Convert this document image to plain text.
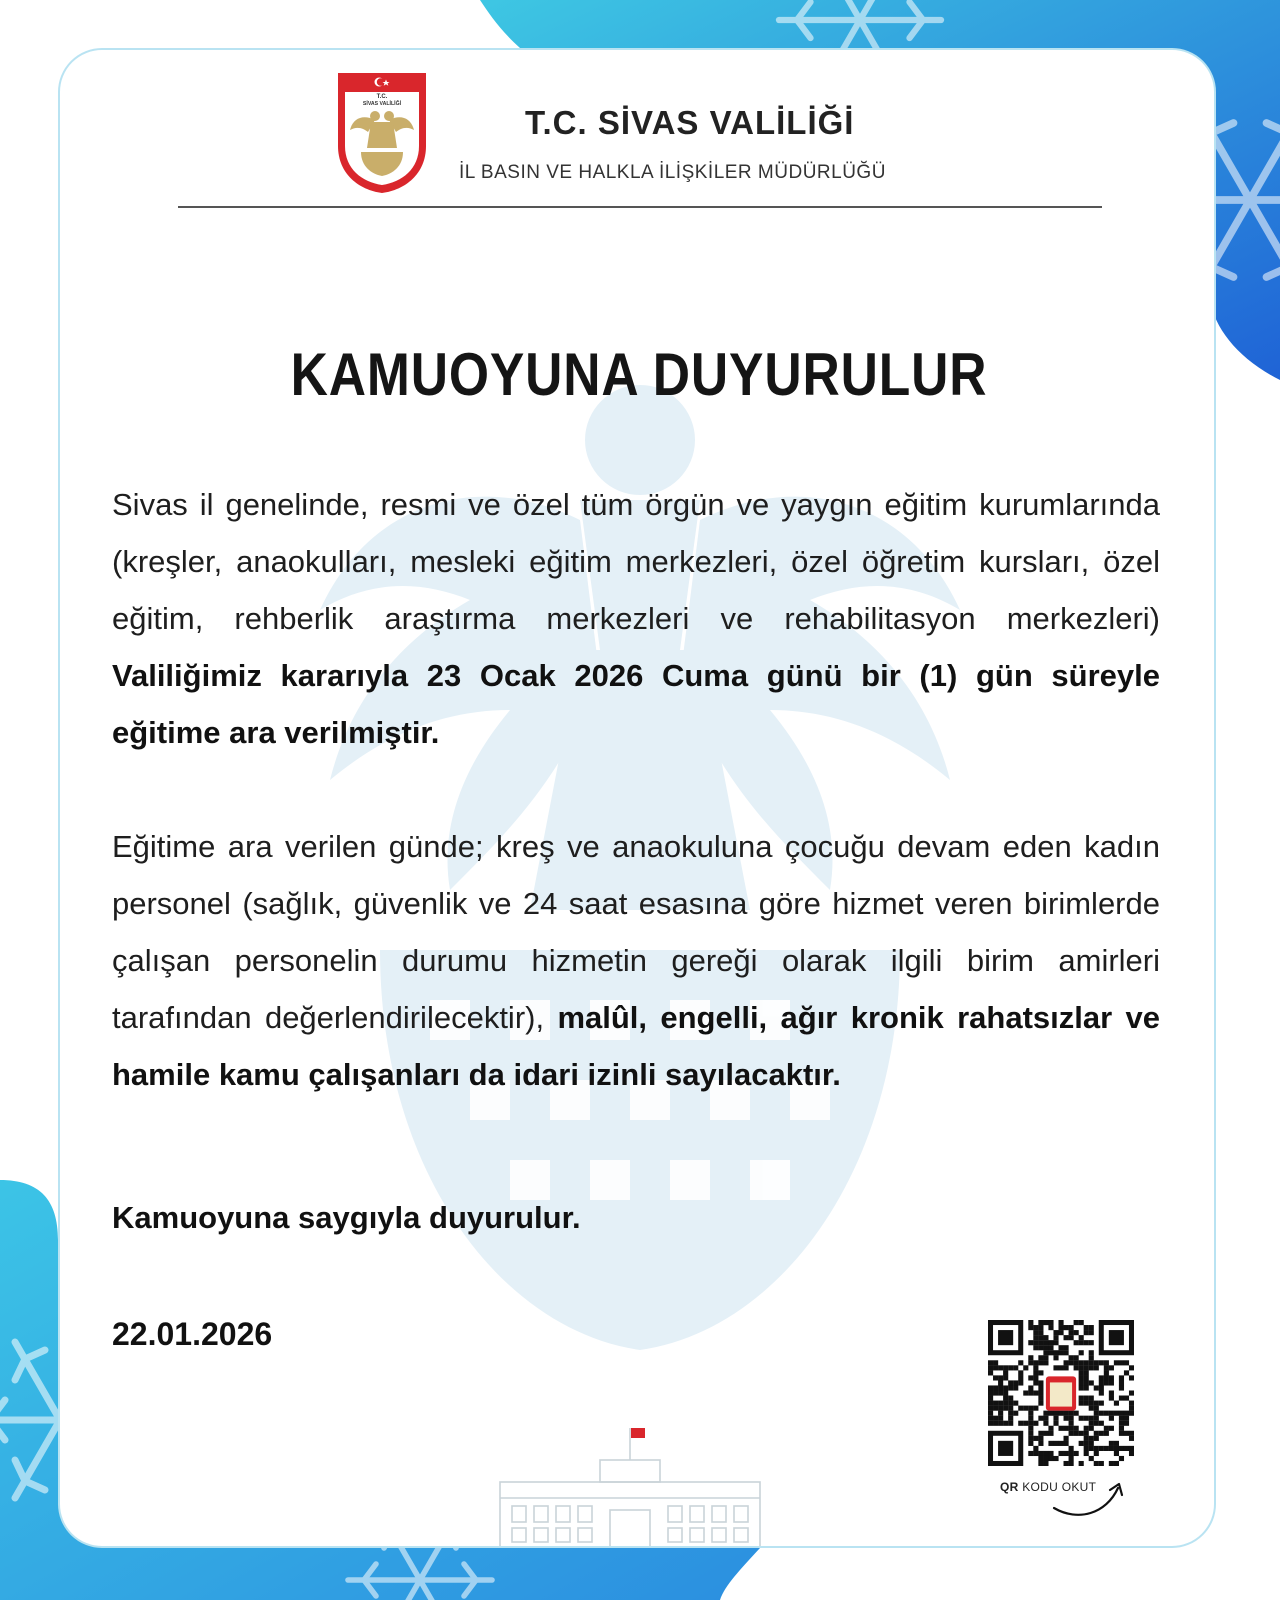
T.C.
SİVAS VALİLİĞİ	T.C. SİVAS VALİLİĞİ
İL BASIN VE HALKLA İLİŞKİLER MÜDÜRLÜĞÜ
KAMUOYUNA DUYURULUR
Sivas il genelinde, resmi ve özel tüm örgün ve yaygın eğitim kurumlarında (kreşler, anaokulları, mesleki eğitim merkezleri, özel öğretim kursları, özel eğitim, rehberlik araştırma merkezleri ve rehabilitasyon merkezleri) Valiliğimiz kararıyla 23 Ocak 2026 Cuma günü bir (1) gün süreyle eğitime ara verilmiştir.
Eğitime ara verilen günde; kreş ve anaokuluna çocuğu devam eden kadın personel (sağlık, güvenlik ve 24 saat esasına göre hizmet veren birimlerde çalışan personelin durumu hizmetin gereği olarak ilgili birim amirleri tarafından değerlendirilecektir), malûl, engelli, ağır kronik rahatsızlar ve hamile kamu çalışanları da idari izinli sayılacaktır.
Kamuoyuna saygıyla duyurulur.
22.01.2026
QR KODU OKUT
